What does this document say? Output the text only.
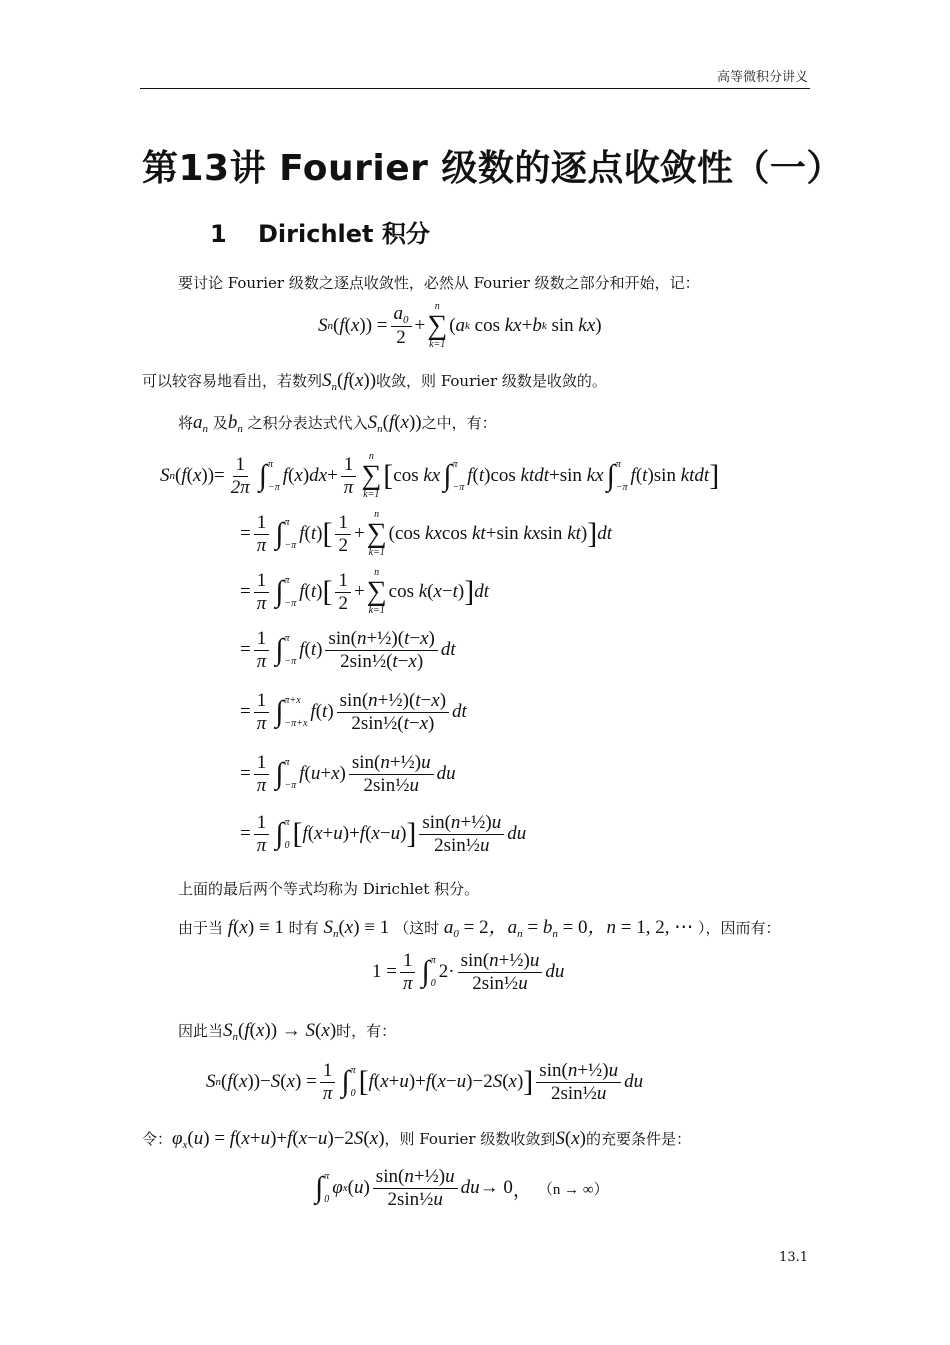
高等微积分讲义
第13讲 Fourier 级数的逐点收敛性（一）
1 Dirichlet 积分
要讨论 Fourier 级数之逐点收敛性，必然从 Fourier 级数之部分和开始，记：
S n ( f ( x ))
= $\frac{a_0}{2}$ +
n
∑
k=1
( a k
cos kx + b k
sin kx )
可以较容易地看出，若数列$S_n(f(x))$收敛，则 Fourier 级数是收敛的。
将$a_n$ 及$b_n$ 之积分表达式代入$S_n(f(x))$之中，有：
S n ( f ( x )) = $\frac{1}{2\pi}$ ∫ π
−π
f ( x ) dx + $\frac{1}{\pi}$ n
∑
k=1
[ cos kx ∫ π
−π
f ( t ) cos ktdt + sin kx ∫ π
−π
f ( t ) sin ktdt ]
= $\frac{1}{\pi}$ ∫ π
−π
f ( t ) [ $\frac{1}{2}$ +
n
∑
k=1
(cos kx cos kt + sin kx sin kt ) ] dt
= $\frac{1}{\pi}$ ∫ π
−π
f ( t ) [ $\frac{1}{2}$ +
n
∑
k=1
cos k ( x − t ) ] dt
= $\frac{1}{\pi}$ ∫ π
−π
f ( t ) $\frac{\text{sin(n+½)(t−x)}}{\text{2sin½(t−x)}}$ dt
= $\frac{1}{\pi}$ ∫ π+x
−π+x
f ( t ) $\frac{\text{sin(n+½)(t−x)}}{\text{2sin½(t−x)}}$ dt
= $\frac{1}{\pi}$ ∫ π
−π
f ( u + x ) $\frac{\text{sin(n+½)u}}{\text{2sin½u}}$ du
= $\frac{1}{\pi}$ ∫ π
0 [ f ( x + u )+ f ( x − u ) ] $\frac{\text{sin(n+½)u}}{\text{2sin½u}}$ du
上面的最后两个等式均称为 Dirichlet 积分。
由于当 f(x) ≡ 1 时有 $S_n(x) \equiv 1$ （这时 $a_0 = 2$，$a_n = b_n = 0$，n = 1, 2, ⋯ ），因而有：
$1 = \frac{1}{\pi}$ ∫ π
0
$2\cdot \frac{\text{sin(n+½)u}}{\text{2sin½u}}$ du
因此当$S_n(f(x)) \to S(x)$时，有：
S n ( f ( x ))− S ( x ) = $\frac{1}{\pi}$ ∫ π
0 [ f ( x + u )+ f ( x − u )−2 S ( x ) ] $\frac{\text{sin(n+½)u}}{\text{2sin½u}}$ du
令：$\varphi_x(u) = f(x+u)+f(x-u)-2S(x)$，则 Fourier 级数收敛到S(x)的充要条件是：
∫ π
0
φ x ( u ) $\frac{\text{sin(n+½)u}}{\text{2sin½u}}$ du → 0 ， （n → ∞）
13.1
